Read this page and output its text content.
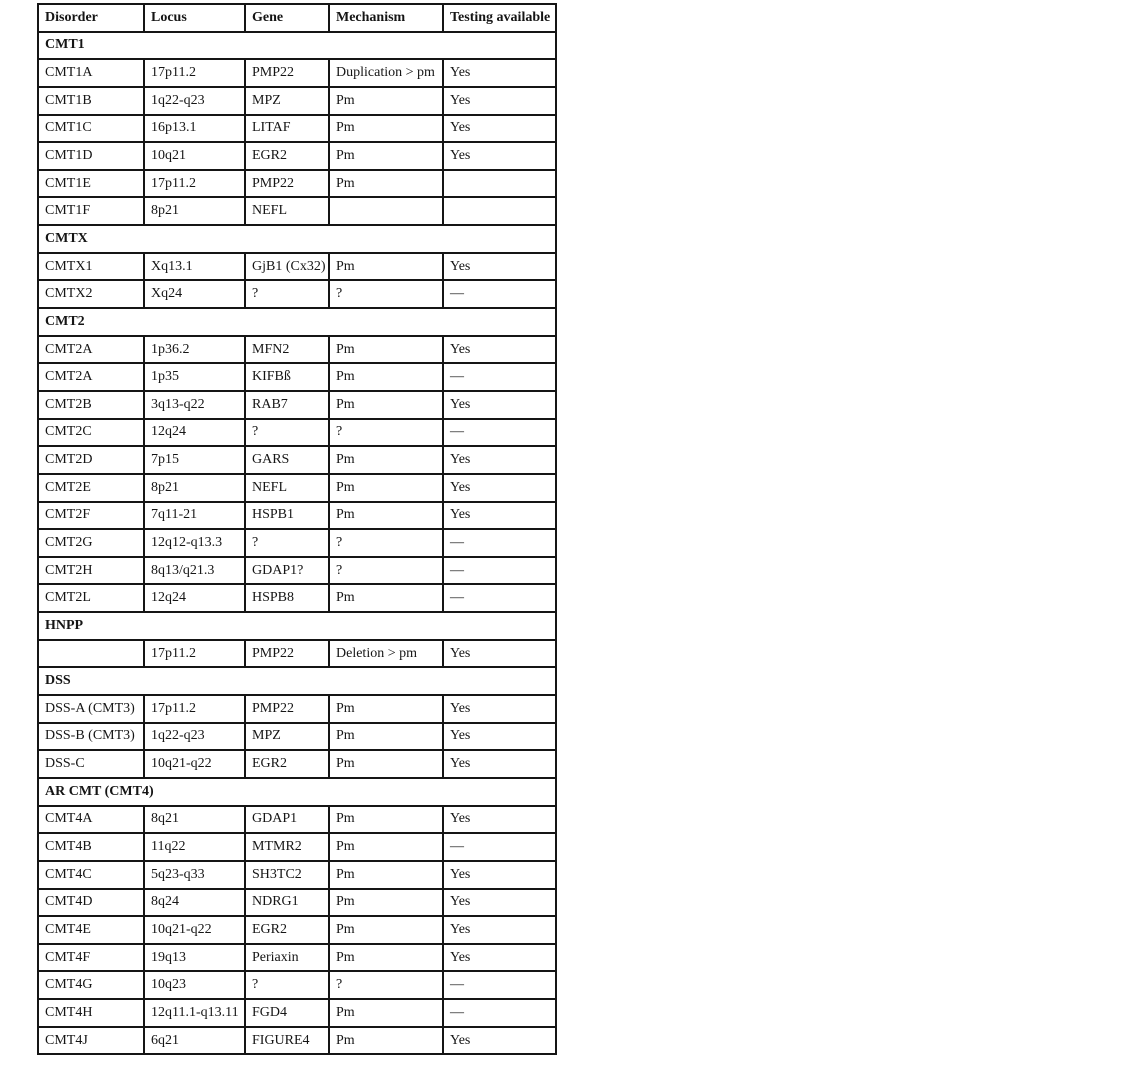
Disorder	Locus	Gene	Mechanism	Testing available
CMT1				
CMT1A	17p11.2	PMP22	Duplication > pm	Yes
CMT1B	1q22-q23	MPZ	Pm	Yes
CMT1C	16p13.1	LITAF	Pm	Yes
CMT1D	10q21	EGR2	Pm	Yes
CMT1E	17p11.2	PMP22	Pm	
CMT1F	8p21	NEFL		
CMTX				
CMTX1	Xq13.1	GjB1 (Cx32)	Pm	Yes
CMTX2	Xq24	?	?	—
CMT2				
CMT2A	1p36.2	MFN2	Pm	Yes
CMT2A	1p35	KIFBß	Pm	—
CMT2B	3q13-q22	RAB7	Pm	Yes
CMT2C	12q24	?	?	—
CMT2D	7p15	GARS	Pm	Yes
CMT2E	8p21	NEFL	Pm	Yes
CMT2F	7q11-21	HSPB1	Pm	Yes
CMT2G	12q12-q13.3	?	?	—
CMT2H	8q13/q21.3	GDAP1?	?	—
CMT2L	12q24	HSPB8	Pm	—
HNPP				
	17p11.2	PMP22	Deletion > pm	Yes
DSS				
DSS-A (CMT3)	17p11.2	PMP22	Pm	Yes
DSS-B (CMT3)	1q22-q23	MPZ	Pm	Yes
DSS-C	10q21-q22	EGR2	Pm	Yes
AR CMT (CMT4)				
CMT4A	8q21	GDAP1	Pm	Yes
CMT4B	11q22	MTMR2	Pm	—
CMT4C	5q23-q33	SH3TC2	Pm	Yes
CMT4D	8q24	NDRG1	Pm	Yes
CMT4E	10q21-q22	EGR2	Pm	Yes
CMT4F	19q13	Periaxin	Pm	Yes
CMT4G	10q23	?	?	—
CMT4H	12q11.1-q13.11	FGD4	Pm	—
CMT4J	6q21	FIGURE4	Pm	Yes
